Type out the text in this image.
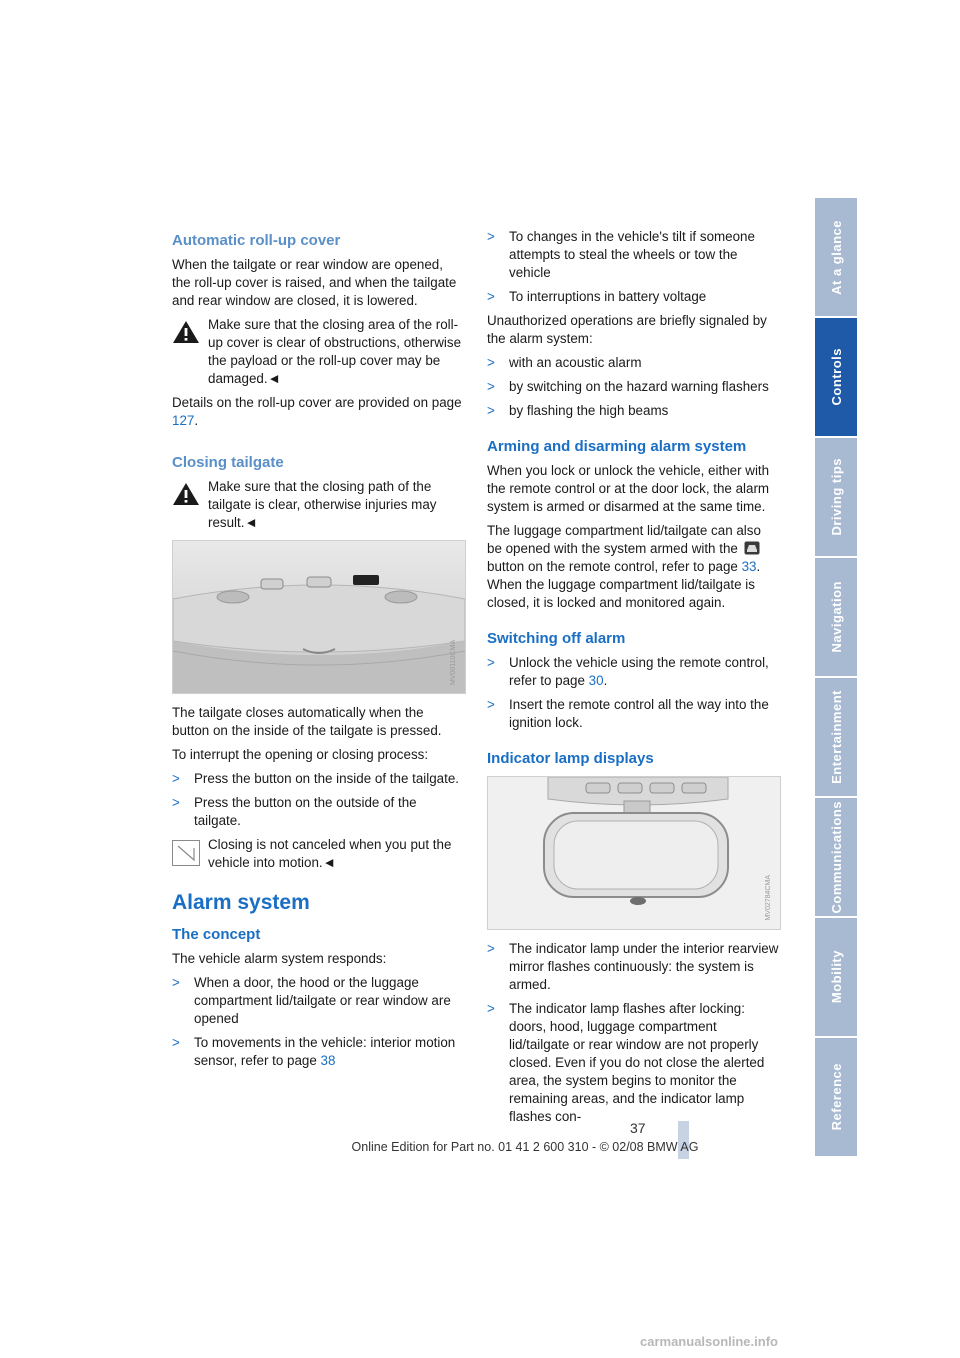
At a glance
Controls
Driving tips
Navigation
Entertainment
Communications
Mobility
Reference
Automatic roll-up cover

When the tailgate or rear window are opened, the roll-up cover is raised, and when the tailgate and rear window are closed, it is lowered.

Make sure that the closing area of the roll-up cover is clear of obstructions, otherwise the payload or the roll-up cover may be damaged.◄

Details on the roll-up cover are provided on page 127.

Closing tailgate
Make sure that the closing path of the tailgate is clear, otherwise injuries may result.◄
MV00110CMA

The tailgate closes automatically when the button on the inside of the tailgate is pressed.

To interrupt the opening or closing process:

>	Press the button on the inside of the tailgate.
>	Press the button on the outside of the tailgate.
Closing is not canceled when you put the vehicle into motion.◄
Alarm system
The concept

The vehicle alarm system responds:

>	When a door, the hood or the luggage compartment lid/tailgate or rear window are opened
>	To movements in the vehicle: interior motion sensor, refer to page 38
>	To changes in the vehicle's tilt if someone attempts to steal the wheels or tow the vehicle
>	To interruptions in battery voltage

Unauthorized operations are briefly signaled by the alarm system:

>	with an acoustic alarm
>	by switching on the hazard warning flashers
>	by flashing the high beams
Arming and disarming alarm system

When you lock or unlock the vehicle, either with the remote control or at the door lock, the alarm system is armed or disarmed at the same time.

The luggage compartment lid/tailgate can also be opened with the system armed with the  button on the remote control, refer to page 33. When the luggage compartment lid/tailgate is closed, it is locked and monitored again.

Switching off alarm
>	Unlock the vehicle using the remote control, refer to page 30.
>	Insert the remote control all the way into the ignition lock.
Indicator lamp displays
MV02784CMA
>	The indicator lamp under the interior rearview mirror flashes continuously: the system is armed.
>	The indicator lamp flashes after locking: doors, hood, luggage compartment lid/tailgate or rear window are not properly closed. Even if you do not close the alerted area, the system begins to monitor the remaining areas, and the indicator lamp flashes con-
37
Online Edition for Part no. 01 41 2 600 310 - © 02/08 BMW AG
carmanualsonline.info
